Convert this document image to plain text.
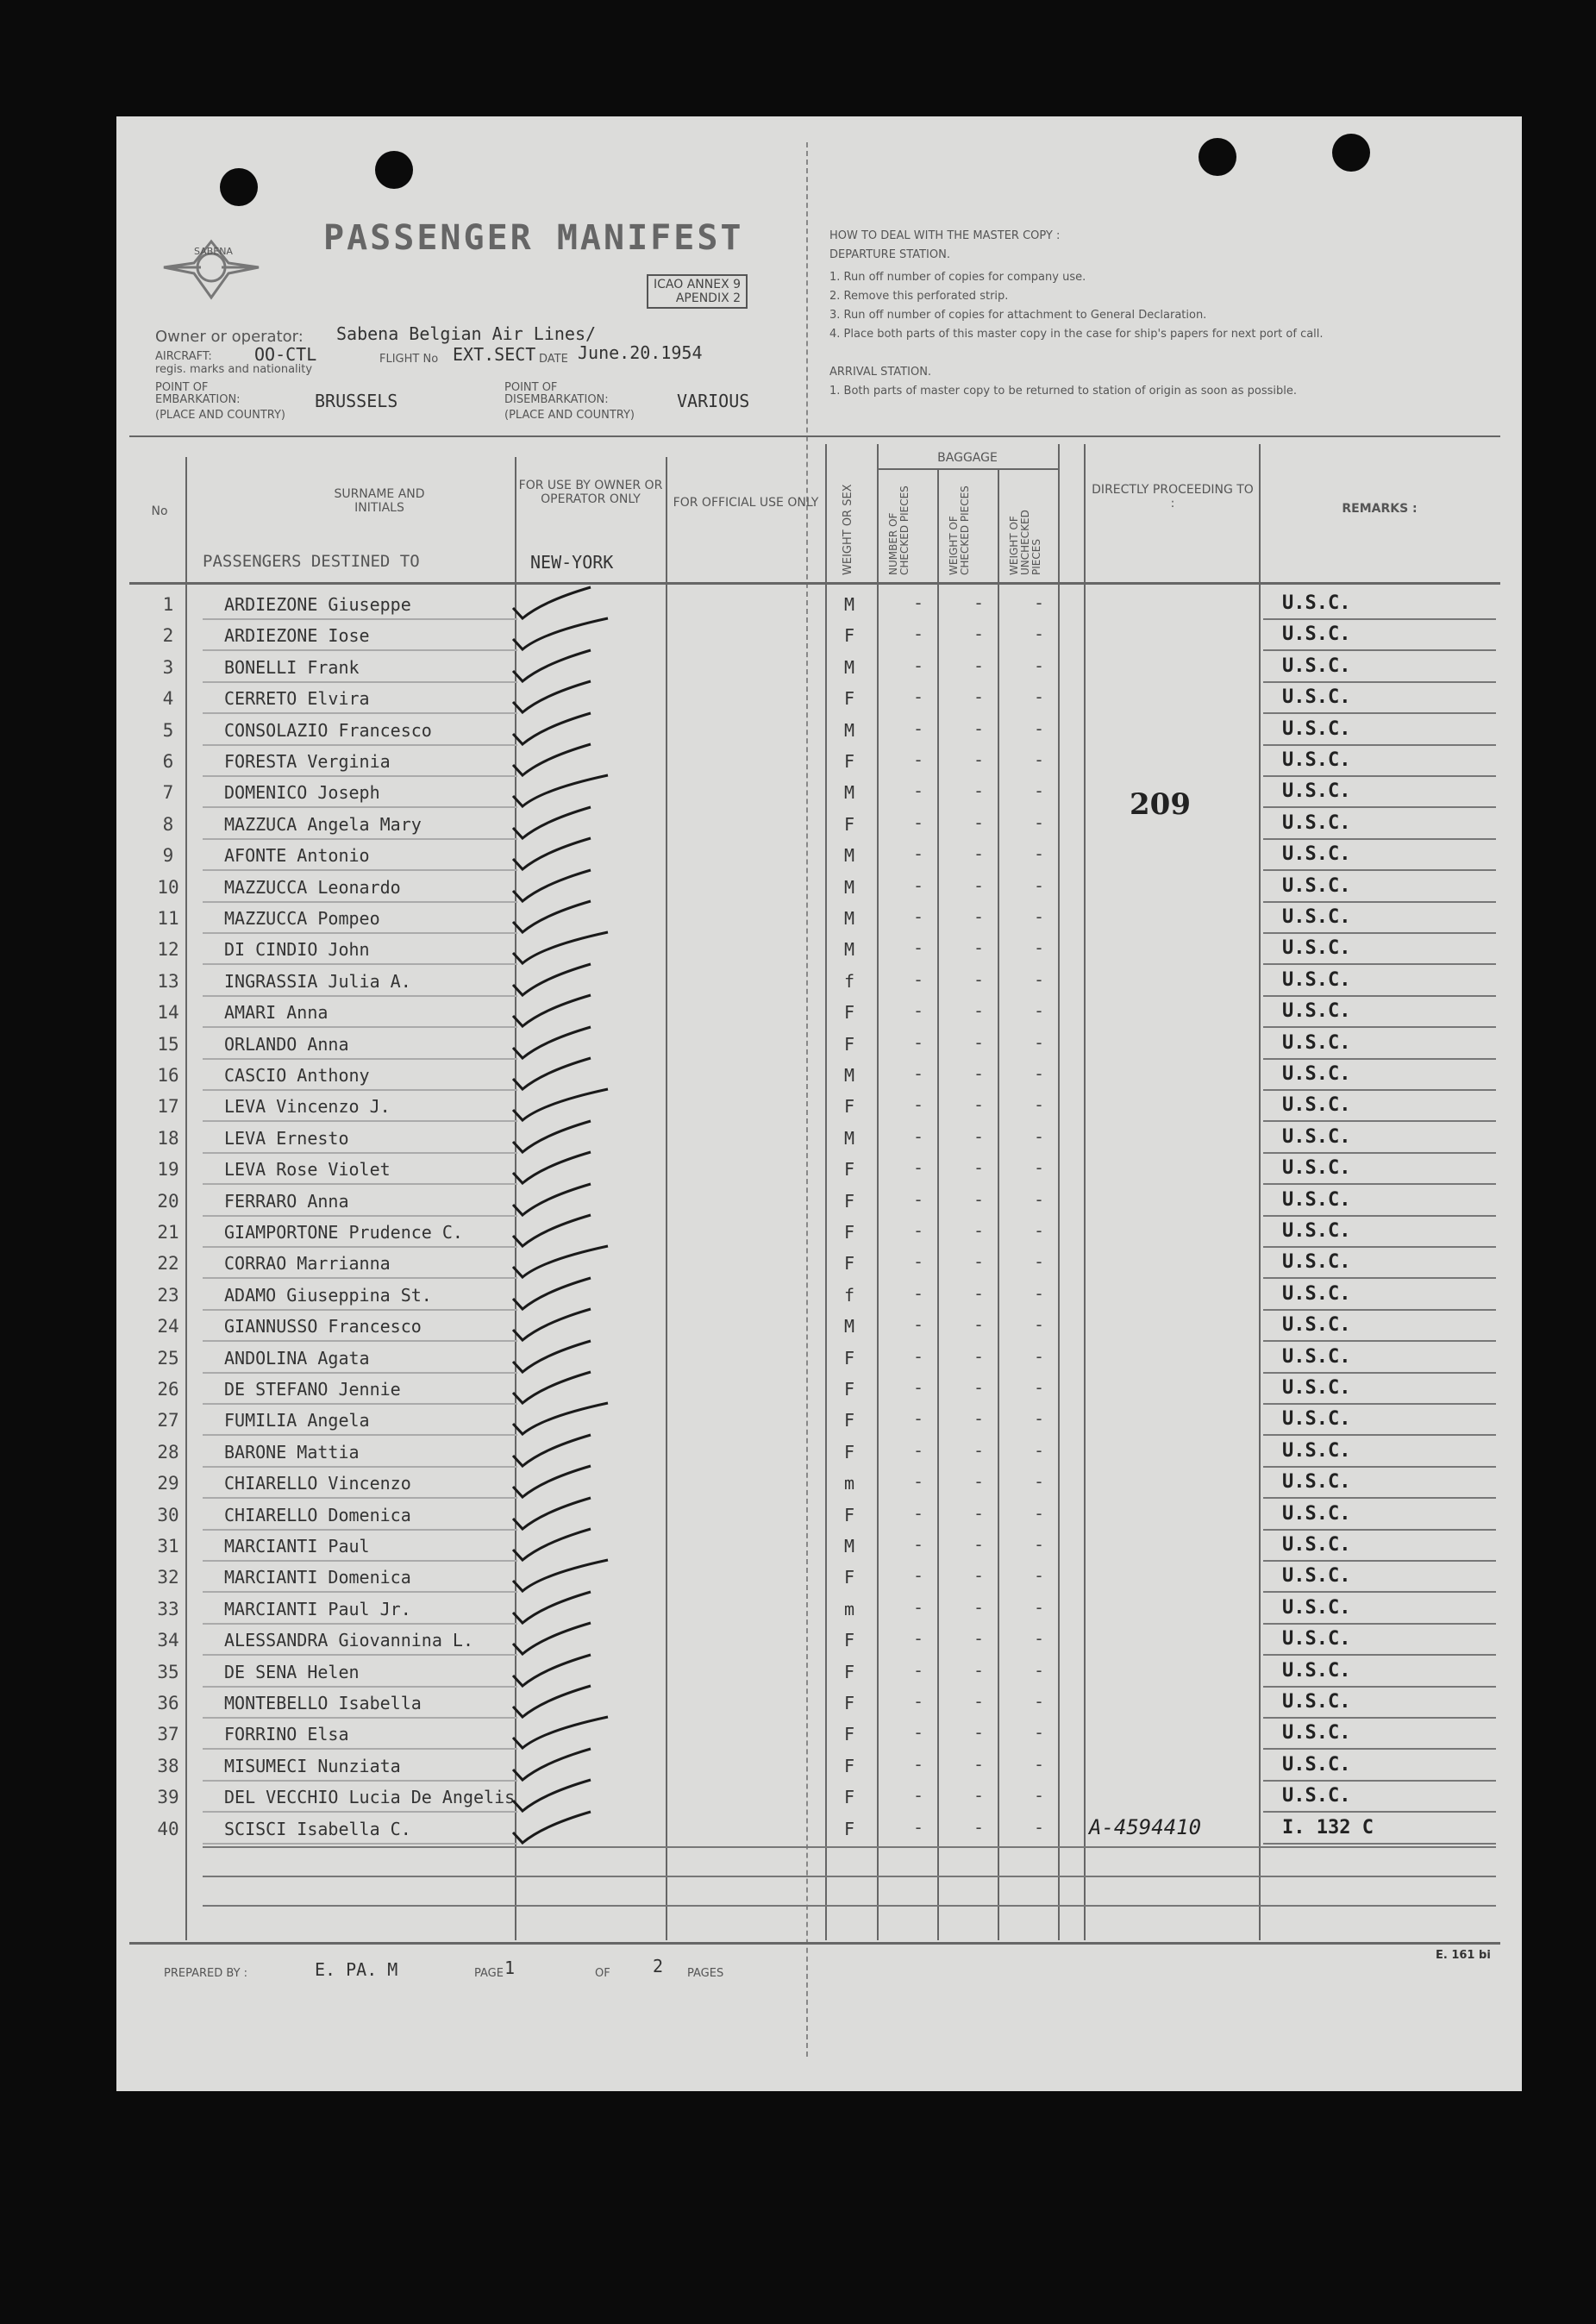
SABENA	PASSENGER MANIFEST
ICAO ANNEX 9
APENDIX 2
Owner or operator: Sabena Belgian Air Lines/
AIRCRAFT:
regis. marks and nationality
OO-CTL	FLIGHT No EXT.SECT DATE June.20.1954
POINT OF EMBARKATION:	BRUSSELS
(PLACE AND COUNTRY)
POINT OF DISEMBARKATION:	VARIOUS
(PLACE AND COUNTRY)
HOW TO DEAL WITH THE MASTER COPY :
DEPARTURE STATION.
1. Run off number of copies for company use.
2. Remove this perforated strip.
3. Run off number of copies for attachment to General Declaration.
4. Place both parts of this master copy in the case for ship's papers for next port of call.
ARRIVAL STATION.
1. Both parts of master copy to be returned to station of origin as soon as possible.
No
SURNAME AND INITIALS
PASSENGERS DESTINED TO
FOR USE BY OWNER OR OPERATOR ONLY
NEW-YORK
FOR OFFICIAL USE ONLY WEIGHT OR SEX
BAGGAGE
NUMBER OF CHECKED PIECES	WEIGHT OF CHECKED PIECES	WEIGHT OF UNCHECKED PIECES
DIRECTLY PROCEEDING TO :	REMARKS :
1	ARDIEZONE Giuseppe	M	-	-	-	U.S.C.
2	ARDIEZONE Iose	F	-	-	-	U.S.C.
3	BONELLI Frank	M	-	-	-	U.S.C.
4	CERRETO Elvira	F	-	-	-	U.S.C.
5	CONSOLAZIO Francesco	M	-	-	-	U.S.C.
6	FORESTA Verginia	F	-	-	-	U.S.C.
7	DOMENICO Joseph	M	-	-	-	U.S.C.
8	MAZZUCA Angela Mary	F	-	-	-	U.S.C.
9	AFONTE Antonio	M	-	-	-	U.S.C.
10	MAZZUCCA Leonardo	M	-	-	-	U.S.C.
11	MAZZUCCA Pompeo	M	-	-	-	U.S.C.
12	DI CINDIO John	M	-	-	-	U.S.C.
13	INGRASSIA Julia A.	f	-	-	-	U.S.C.
14	AMARI Anna	F	-	-	-	U.S.C.
15	ORLANDO Anna	F	-	-	-	U.S.C.
16	CASCIO Anthony	M	-	-	-	U.S.C.
17	LEVA Vincenzo J.	F	-	-	-	U.S.C.
18	LEVA Ernesto	M	-	-	-	U.S.C.
19	LEVA Rose Violet	F	-	-	-	U.S.C.
20	FERRARO Anna	F	-	-	-	U.S.C.
21	GIAMPORTONE Prudence C.	F	-	-	-	U.S.C.
22	CORRAO Marrianna	F	-	-	-	U.S.C.
23	ADAMO Giuseppina St.	f	-	-	-	U.S.C.
24	GIANNUSSO Francesco	M	-	-	-	U.S.C.
25	ANDOLINA Agata	F	-	-	-	U.S.C.
26	DE STEFANO Jennie	F	-	-	-	U.S.C.
27	FUMILIA Angela	F	-	-	-	U.S.C.
28	BARONE Mattia	F	-	-	-	U.S.C.
29	CHIARELLO Vincenzo	m	-	-	-	U.S.C.
30	CHIARELLO Domenica	F	-	-	-	U.S.C.
31	MARCIANTI Paul	M	-	-	-	U.S.C.
32	MARCIANTI Domenica	F	-	-	-	U.S.C.
33	MARCIANTI Paul Jr.	m	-	-	-	U.S.C.
34	ALESSANDRA Giovannina L.	F	-	-	-	U.S.C.
35	DE SENA Helen	F	-	-	-	U.S.C.
36	MONTEBELLO Isabella	F	-	-	-	U.S.C.
37	FORRINO Elsa	F	-	-	-	U.S.C.
38	MISUMECI Nunziata	F	-	-	-	U.S.C.
39	DEL VECCHIO Lucia De Angelis	F	-	-	-	U.S.C.
40	SCISCI Isabella C.	F	-	-	-	A-4594410	I. 132 C
209
PREPARED BY :	E. PA. M	PAGE 1	OF 2 PAGES
E. 161 bi
